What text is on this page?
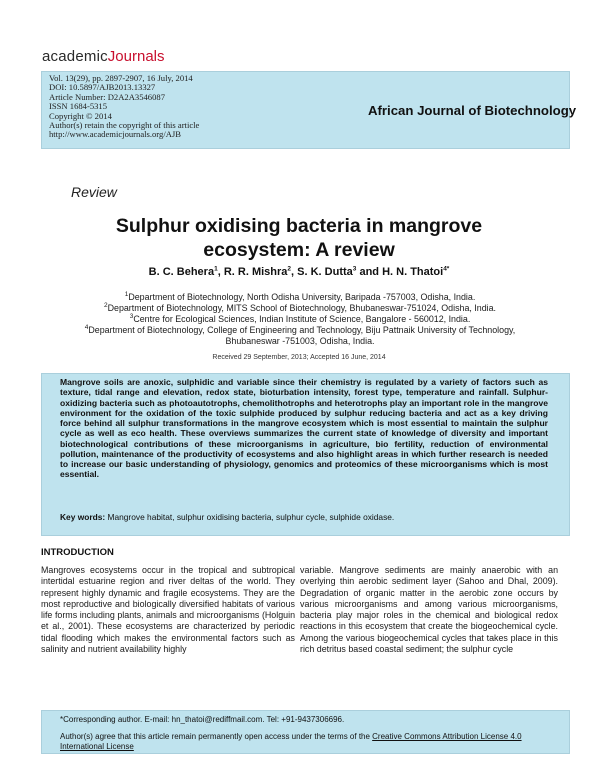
academicJournals
Vol. 13(29), pp. 2897-2907, 16 July, 2014
DOI: 10.5897/AJB2013.13327
Article Number: D2A2A3546087
ISSN 1684-5315
Copyright © 2014
Author(s) retain the copyright of this article
http://www.academicjournals.org/AJB
African Journal of Biotechnology
Review
Sulphur oxidising bacteria in mangrove ecosystem: A review
B. C. Behera$^1$, R. R. Mishra$^2$, S. K. Dutta$^3$ and H. N. Thatoi$^{4*}$
$^1$Department of Biotechnology, North Odisha University, Baripada -757003, Odisha, India.
$^2$Department of Biotechnology, MITS School of Biotechnology, Bhubaneswar-751024, Odisha, India.
$^3$Centre for Ecological Sciences, Indian Institute of Science, Bangalore - 560012, India.
$^4$Department of Biotechnology, College of Engineering and Technology, Biju Pattnaik University of Technology,
Bhubaneswar -751003, Odisha, India.
Received 29 September, 2013; Accepted 16 June, 2014
Mangrove soils are anoxic, sulphidic and variable since their chemistry is regulated by a variety of factors such as texture, tidal range and elevation, redox state, bioturbation intensity, forest type, temperature and rainfall. Sulphur-oxidizing bacteria such as photoautotrophs, chemolithotrophs and heterotrophs play an important role in the mangrove environment for the oxidation of the toxic sulphide produced by sulphur reducing bacteria and act as a key driving force behind all sulphur transformations in the mangrove ecosystem which is most essential to maintain the sulphur cycle as well as eco health. These overviews summarizes the current state of knowledge of diversity and important biotechnological contributions of these microorganisms in agriculture, bio fertility, reduction of environmental pollution, maintenance of the productivity of ecosystems and also highlight areas in which further research is needed to increase our basic understanding of physiology, genomics and proteomics of these microorganisms which is most essential.
Key words: Mangrove habitat, sulphur oxidising bacteria, sulphur cycle, sulphide oxidase.
INTRODUCTION
Mangroves ecosystems occur in the tropical and subtropical intertidal estuarine region and river deltas of the world. They represent highly dynamic and fragile ecosystems. They are the most reproductive and biologically diversified habitats of various life forms including plants, animals and microorganisms (Holguin et al., 2001). These ecosystems are characterized by periodic tidal flooding which makes the environmental factors such as salinity and nutrient availability highly
variable. Mangrove sediments are mainly anaerobic with an overlying thin aerobic sediment layer (Sahoo and Dhal, 2009). Degradation of organic matter in the aerobic zone occurs by various microorganisms and among various microorganisms, bacteria play major roles in the chemical and biological redox reactions in this ecosystem that create the biogeochemical cycle. Among the various biogeochemical cycles that takes place in this rich detritus based coastal sediment; the sulphur cycle
*Corresponding author. E-mail: hn_thatoi@rediffmail.com. Tel: +91-9437306696.
Author(s) agree that this article remain permanently open access under the terms of the Creative Commons Attribution License 4.0 International License
